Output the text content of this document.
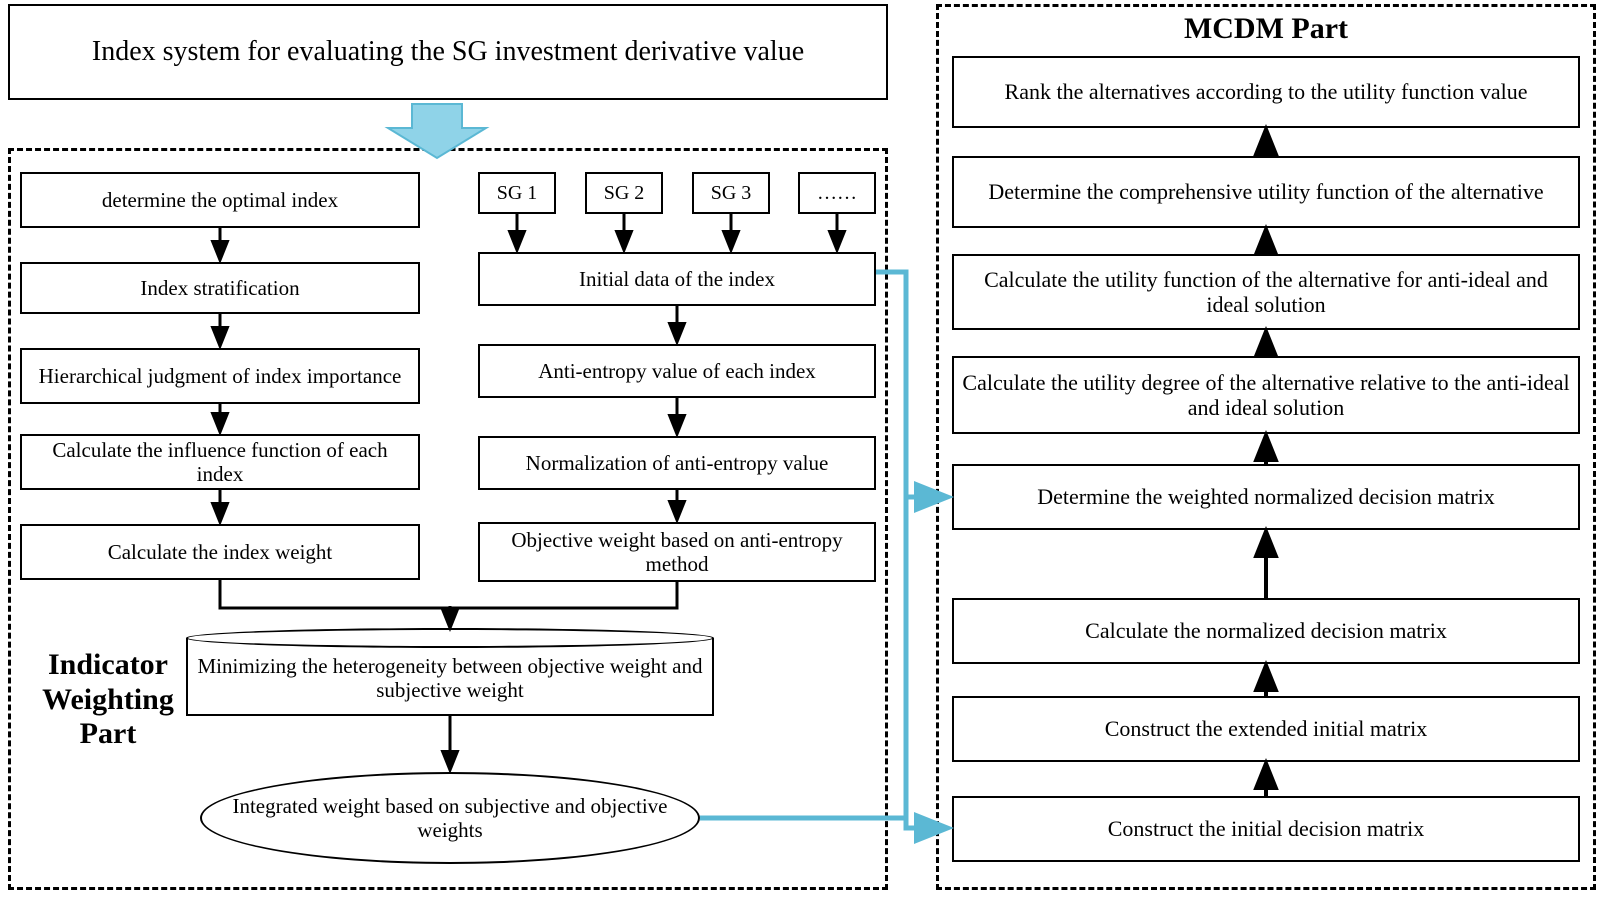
Index system for evaluating the SG investment derivative value
Indicator Weighting Part
determine the optimal index
Index stratification
Hierarchical judgment of index importance
Calculate the influence function of each index
Calculate the index weight
SG 1	SG 2	SG 3	……
Initial data of the index
Anti-entropy value of each index
Normalization of anti-entropy value
Objective weight based on anti-entropy method
Minimizing the heterogeneity between objective weight and subjective weight
Integrated weight based on subjective and objective weights
MCDM Part
Rank the alternatives according to the utility function value
Determine the comprehensive utility function of the alternative
Calculate the utility function of the alternative for anti-ideal and ideal solution
Calculate the utility degree of the alternative relative to the anti-ideal and ideal solution
Determine the weighted normalized decision matrix
Calculate the normalized decision matrix
Construct the extended initial matrix
Construct the initial decision matrix
